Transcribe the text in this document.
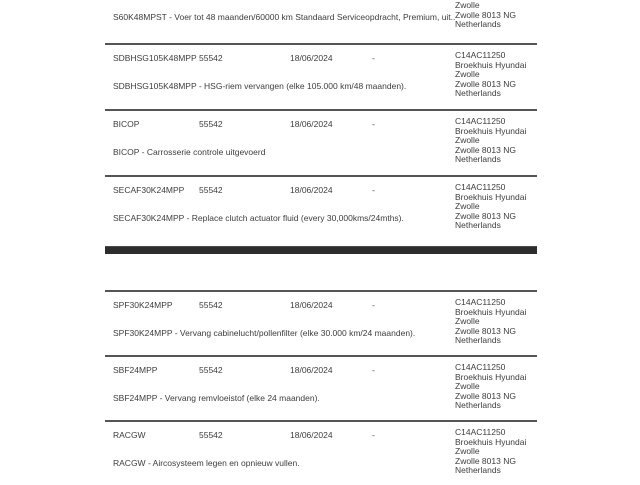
S60K48MPST - Voer tot 48 maanden/60000 km Standaard Serviceopdracht, Premium, uit..
Zwolle
Zwolle 8013 NG
Netherlands
SDBHSG105K48MPP 55542	18/06/2024	-	C14AC11250
Broekhuis Hyundai
Zwolle
Zwolle 8013 NG
Netherlands
SDBHSG105K48MPP - HSG-riem vervangen (elke 105.000 km/48 maanden).
BICOP	55542	18/06/2024	-	C14AC11250
Broekhuis Hyundai
Zwolle
Zwolle 8013 NG
Netherlands
BICOP - Carrosserie controle uitgevoerd
SECAF30K24MPP 55542	18/06/2024	-	C14AC11250
Broekhuis Hyundai
Zwolle
Zwolle 8013 NG
Netherlands
SECAF30K24MPP - Replace clutch actuator fluid (every 30,000kms/24mths).
SPF30K24MPP	55542	18/06/2024	-	C14AC11250
Broekhuis Hyundai
Zwolle
Zwolle 8013 NG
Netherlands
SPF30K24MPP - Vervang cabinelucht/pollenfilter (elke 30.000 km/24 maanden).
SBF24MPP	55542	18/06/2024	-	C14AC11250
Broekhuis Hyundai
Zwolle
Zwolle 8013 NG
Netherlands
SBF24MPP - Vervang remvloeistof (elke 24 maanden).
RACGW	55542	18/06/2024	-	C14AC11250
Broekhuis Hyundai
Zwolle
Zwolle 8013 NG
Netherlands
RACGW - Aircosysteem legen en opnieuw vullen.
